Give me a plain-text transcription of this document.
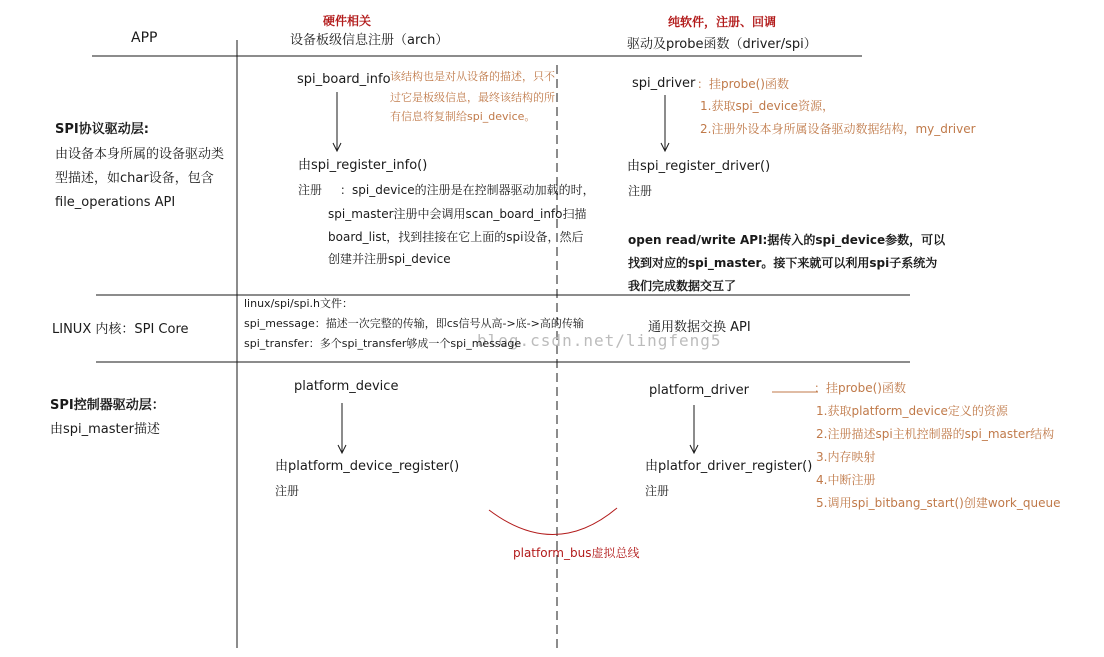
APP
硬件相关
设备板级信息注册（arch）
纯软件，注册、回调
驱动及probe函数（driver/spi）
SPI协议驱动层:
由设备本身所属的设备驱动类
型描述，如char设备，包含
file_operations API
LINUX 内核：SPI Core
SPI控制器驱动层：
由spi_master描述
spi_board_info 该结构也是对从设备的描述，只不
过它是板级信息，最终该结构的所
有信息将复制给spi_device。
由spi_register_info()
注册 ：spi_device的注册是在控制器驱动加载的时，
spi_master注册中会调用scan_board_info扫描
board_list，找到挂接在它上面的spi设备，然后
创建并注册spi_device
spi_driver ：挂probe()函数
1.获取spi_device资源，
2.注册外设本身所属设备驱动数据结构，my_driver
由spi_register_driver()
注册
open read/write API:据传入的spi_device参数，可以
找到对应的spi_master。接下来就可以利用spi子系统为
我们完成数据交互了
blog.csdn.net/lingfeng5
linux/spi/spi.h文件：
spi_message：描述一次完整的传输，即cs信号从高->底->高的传输
spi_transfer：多个spi_transfer够成一个spi_message
通用数据交换 API
platform_device
由platform_device_register()
注册
platform_driver
由platfor_driver_register()
注册
：挂probe()函数
1.获取platform_device定义的资源
2.注册描述spi主机控制器的spi_master结构
3.内存映射
4.中断注册
5.调用spi_bitbang_start()创建work_queue
platform_bus虚拟总线
